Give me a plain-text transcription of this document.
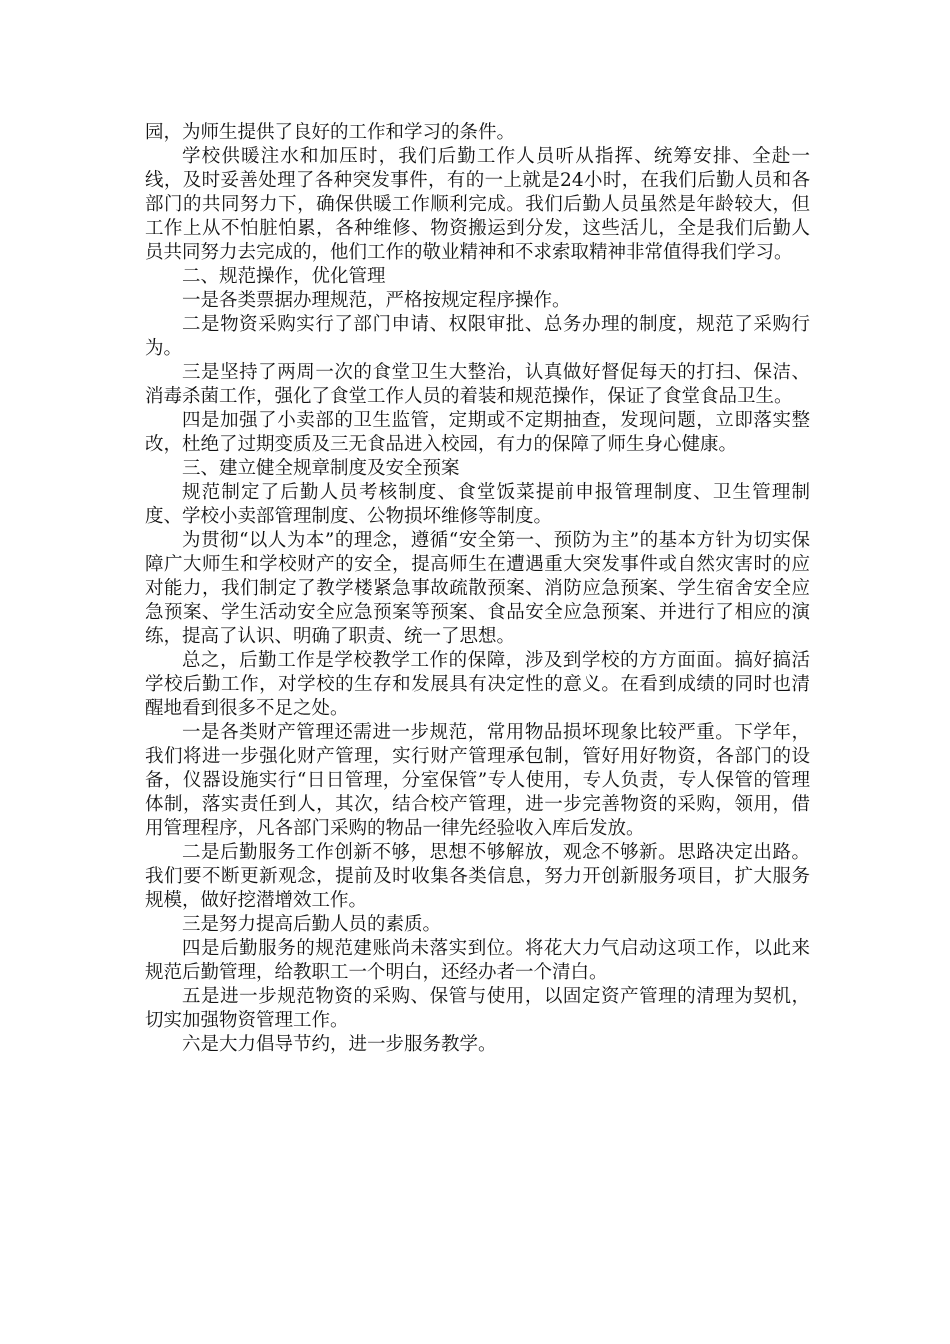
园，为师生提供了良好的工作和学习的条件。

学校供暖注水和加压时，我们后勤工作人员听从指挥、统筹安排、全赴一线，及时妥善处理了各种突发事件，有的一上就是24小时，在我们后勤人员和各部门的共同努力下，确保供暖工作顺利完成。我们后勤人员虽然是年龄较大，但工作上从不怕脏怕累，各种维修、物资搬运到分发，这些活儿，全是我们后勤人员共同努力去完成的，他们工作的敬业精神和不求索取精神非常值得我们学习。

二、规范操作，优化管理

一是各类票据办理规范，严格按规定程序操作。

二是物资采购实行了部门申请、权限审批、总务办理的制度，规范了采购行为。

三是坚持了两周一次的食堂卫生大整治，认真做好督促每天的打扫、保洁、消毒杀菌工作，强化了食堂工作人员的着装和规范操作，保证了食堂食品卫生。

四是加强了小卖部的卫生监管，定期或不定期抽查，发现问题，立即落实整改，杜绝了过期变质及三无食品进入校园，有力的保障了师生身心健康。

三、建立健全规章制度及安全预案

规范制定了后勤人员考核制度、食堂饭菜提前申报管理制度、卫生管理制度、学校小卖部管理制度、公物损坏维修等制度。

为贯彻“以人为本”的理念，遵循“安全第一、预防为主”的基本方针为切实保障广大师生和学校财产的安全，提高师生在遭遇重大突发事件或自然灾害时的应对能力，我们制定了教学楼紧急事故疏散预案、消防应急预案、学生宿舍安全应急预案、学生活动安全应急预案等预案、食品安全应急预案、并进行了相应的演练，提高了认识、明确了职责、统一了思想。

总之，后勤工作是学校教学工作的保障，涉及到学校的方方面面。搞好搞活学校后勤工作，对学校的生存和发展具有决定性的意义。在看到成绩的同时也清醒地看到很多不足之处。

一是各类财产管理还需进一步规范，常用物品损坏现象比较严重。下学年，我们将进一步强化财产管理，实行财产管理承包制，管好用好物资，各部门的设备，仪器设施实行“日日管理，分室保管”专人使用，专人负责，专人保管的管理体制，落实责任到人，其次，结合校产管理，进一步完善物资的采购，领用，借用管理程序，凡各部门采购的物品一律先经验收入库后发放。

二是后勤服务工作创新不够，思想不够解放，观念不够新。思路决定出路。我们要不断更新观念，提前及时收集各类信息，努力开创新服务项目，扩大服务规模，做好挖潜增效工作。

三是努力提高后勤人员的素质。

四是后勤服务的规范建账尚未落实到位。将花大力气启动这项工作，以此来规范后勤管理，给教职工一个明白，还经办者一个清白。

五是进一步规范物资的采购、保管与使用，以固定资产管理的清理为契机，切实加强物资管理工作。

六是大力倡导节约，进一步服务教学。
